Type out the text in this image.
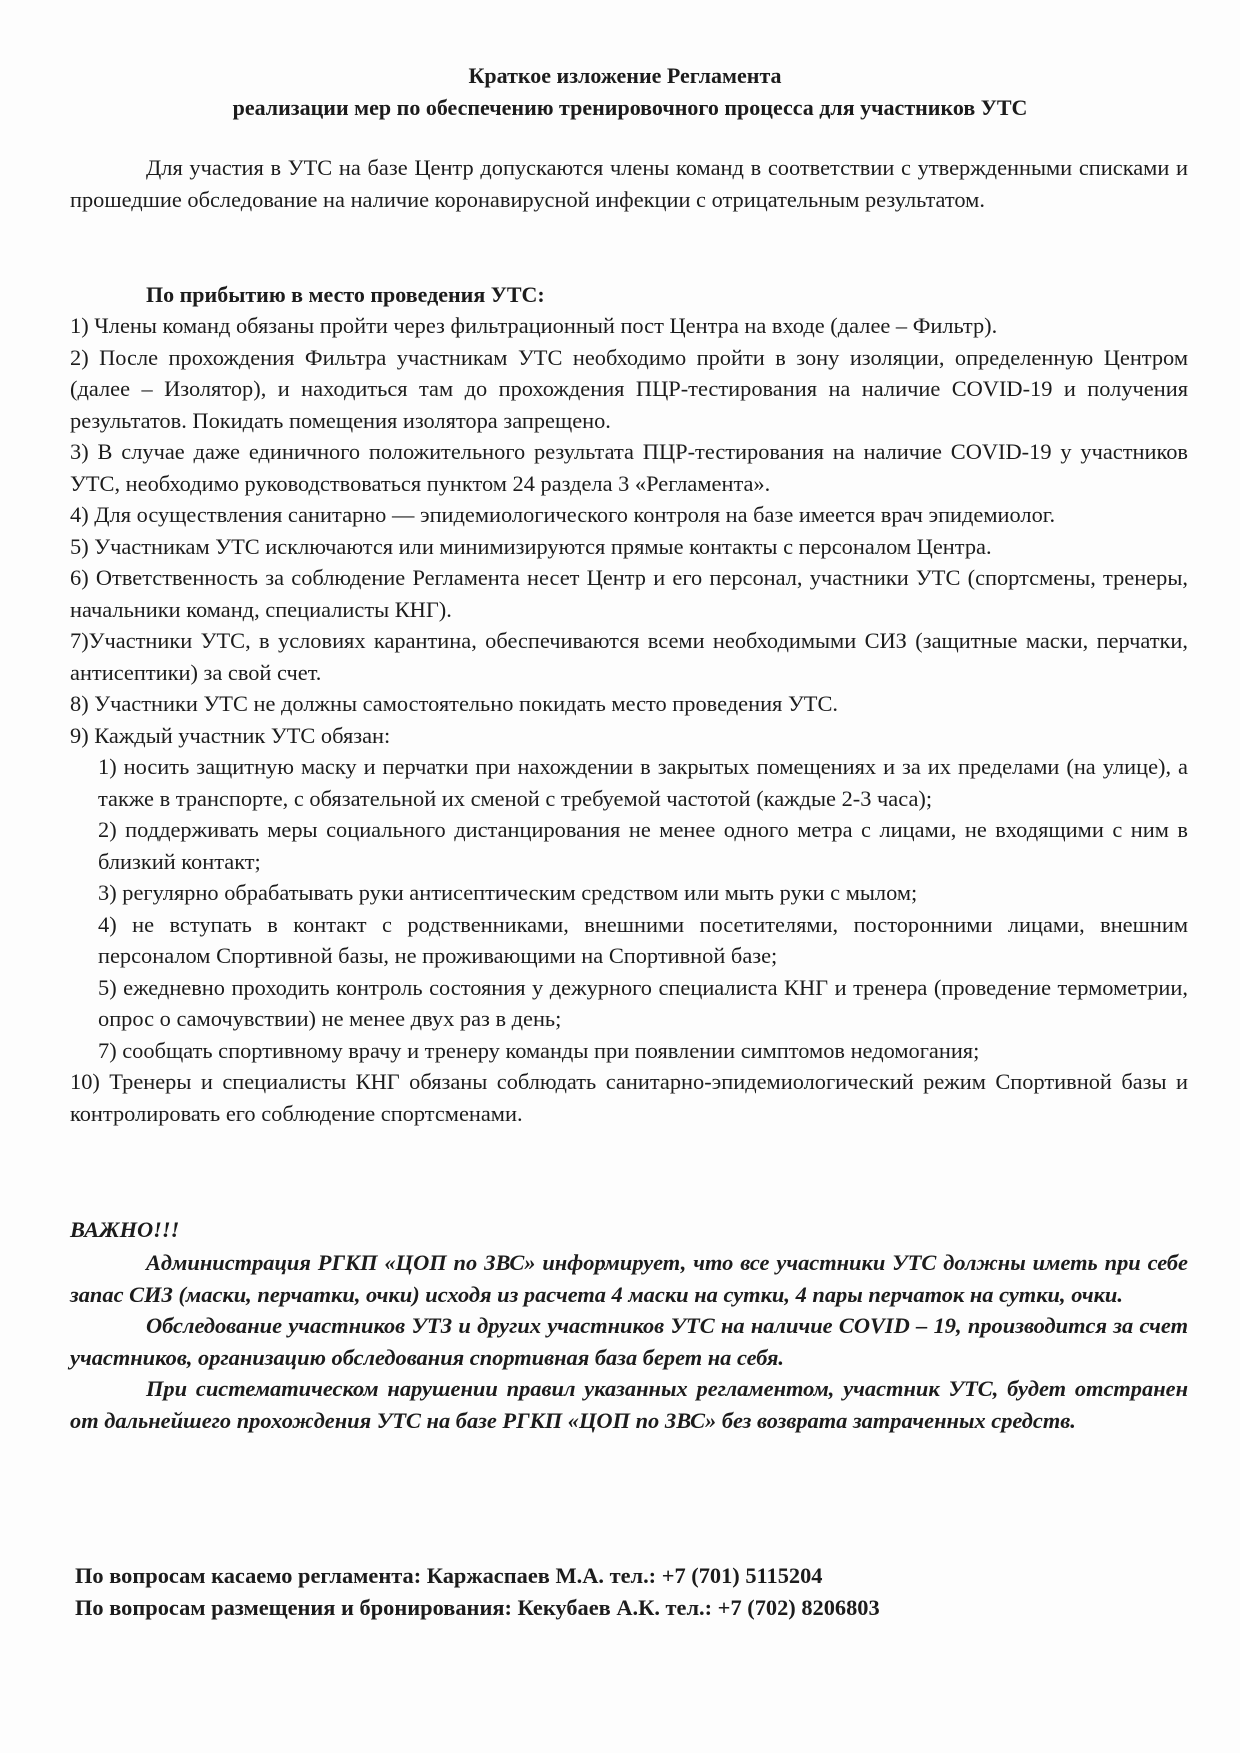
Краткое изложение Регламента
реализации мер по обеспечению тренировочного процесса для участников УТС

Для участия в УТС на базе Центр допускаются члены команд в соответствии с утвержденными списками и прошедшие обследование на наличие коронавирусной инфекции с отрицательным результатом.

По прибытию в место проведения УТС:

1) Члены команд обязаны пройти через фильтрационный пост Центра на входе (далее – Фильтр).

2) После прохождения Фильтра участникам УТС необходимо пройти в зону изоляции, определенную Центром (далее – Изолятор), и находиться там до прохождения ПЦР-тестирования на наличие COVID-19 и получения результатов. Покидать помещения изолятора запрещено.

3) В случае даже единичного положительного результата ПЦР-тестирования на наличие COVID-19 у участников УТС, необходимо руководствоваться пунктом 24 раздела 3 «Регламента».

4) Для осуществления санитарно — эпидемиологического контроля на базе имеется врач эпидемиолог.

5) Участникам УТС исключаются или минимизируются прямые контакты с персоналом Центра.

6) Ответственность за соблюдение Регламента несет Центр и его персонал, участники УТС (спортсмены, тренеры, начальники команд, специалисты КНГ).

7)Участники УТС, в условиях карантина, обеспечиваются всеми необходимыми СИЗ (защитные маски, перчатки, антисептики) за свой счет.

8) Участники УТС не должны самостоятельно покидать место проведения УТС.

9) Каждый участник УТС обязан:

1) носить защитную маску и перчатки при нахождении в закрытых помещениях и за их пределами (на улице), а также в транспорте, с обязательной их сменой с требуемой частотой (каждые 2-3 часа);

2) поддерживать меры социального дистанцирования не менее одного метра с лицами, не входящими с ним в близкий контакт;

3) регулярно обрабатывать руки антисептическим средством или мыть руки с мылом;

4) не вступать в контакт с родственниками, внешними посетителями, посторонними лицами, внешним персоналом Спортивной базы, не проживающими на Спортивной базе;

5) ежедневно проходить контроль состояния у дежурного специалиста КНГ и тренера (проведение термометрии, опрос о самочувствии) не менее двух раз в день;

7) сообщать спортивному врачу и тренеру команды при появлении симптомов недомогания;

10) Тренеры и специалисты КНГ обязаны соблюдать санитарно-эпидемиологический режим Спортивной базы и контролировать его соблюдение спортсменами.

ВАЖНО!!!

Администрация РГКП «ЦОП по ЗВС» информирует, что все участники УТС должны иметь при себе запас СИЗ (маски, перчатки, очки) исходя из расчета 4 маски на сутки, 4 пары перчаток на сутки, очки.

Обследование участников УТЗ и других участников УТС на наличие COVID – 19, производится за счет участников, организацию обследования спортивная база берет на себя.

При систематическом нарушении правил указанных регламентом, участник УТС, будет отстранен от дальнейшего прохождения УТС на базе РГКП «ЦОП по ЗВС» без возврата затраченных средств.

По вопросам касаемо регламента: Каржаспаев М.А. тел.: +7 (701) 5115204
По вопросам размещения и бронирования: Кекубаев А.К. тел.: +7 (702) 8206803
